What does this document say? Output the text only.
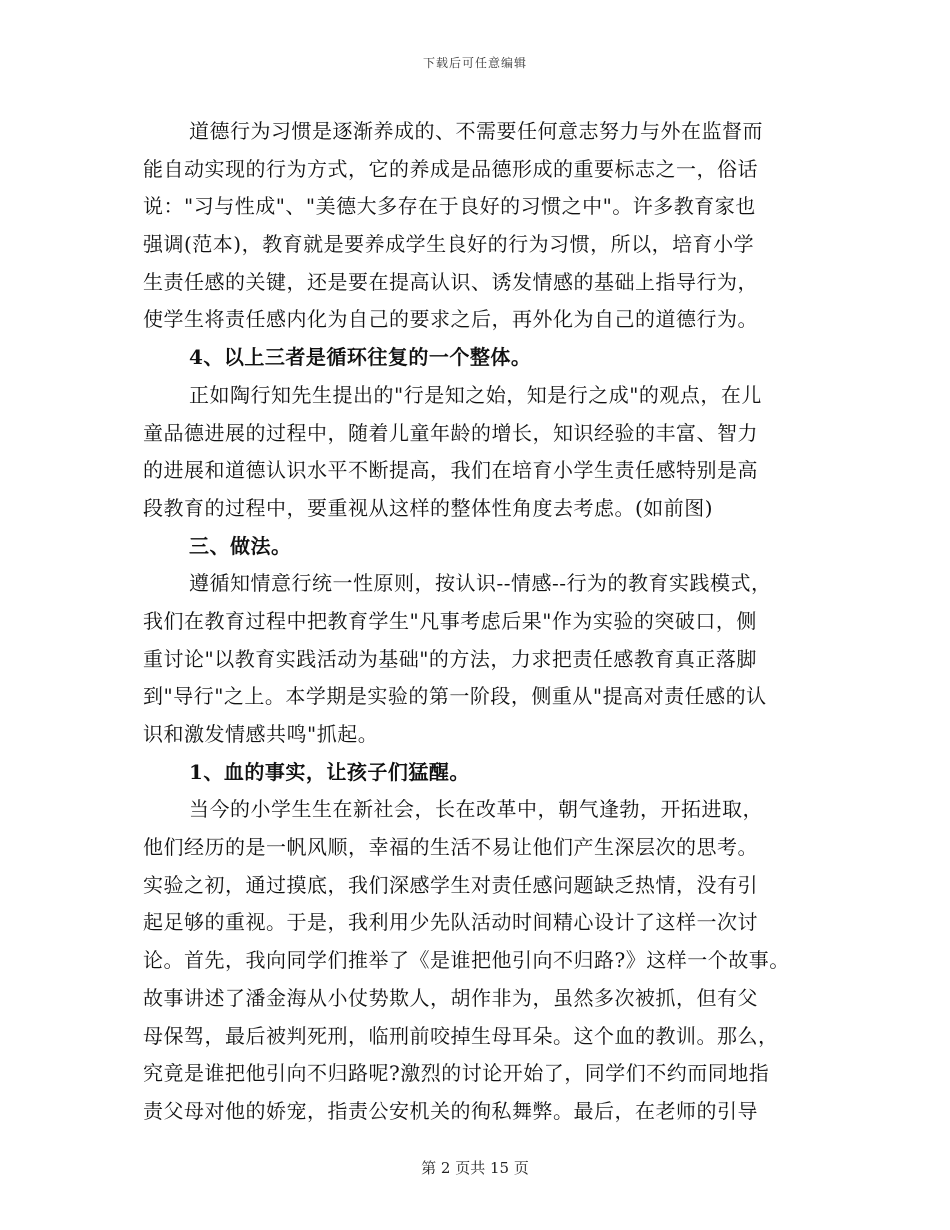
下载后可任意编辑
道德行为习惯是逐渐养成的、不需要任何意志努力与外在监督而
能自动实现的行为方式，它的养成是品德形成的重要标志之一，俗话
说："习与性成"、"美德大多存在于良好的习惯之中"。许多教育家也
强调(范本)，教育就是要养成学生良好的行为习惯，所以，培育小学
生责任感的关键，还是要在提高认识、诱发情感的基础上指导行为，
使学生将责任感内化为自己的要求之后，再外化为自己的道德行为。
4、以上三者是循环往复的一个整体。
正如陶行知先生提出的"行是知之始，知是行之成"的观点，在儿
童品德进展的过程中，随着儿童年龄的增长，知识经验的丰富、智力
的进展和道德认识水平不断提高，我们在培育小学生责任感特别是高
段教育的过程中，要重视从这样的整体性角度去考虑。(如前图)
三、做法。
遵循知情意行统一性原则，按认识--情感--行为的教育实践模式，
我们在教育过程中把教育学生"凡事考虑后果"作为实验的突破口，侧
重讨论"以教育实践活动为基础"的方法，力求把责任感教育真正落脚
到"导行"之上。本学期是实验的第一阶段，侧重从"提高对责任感的认
识和激发情感共鸣"抓起。
1、血的事实，让孩子们猛醒。
当今的小学生生在新社会，长在改革中，朝气逢勃，开拓进取，
他们经历的是一帆风顺，幸福的生活不易让他们产生深层次的思考。
实验之初，通过摸底，我们深感学生对责任感问题缺乏热情，没有引
起足够的重视。于是，我利用少先队活动时间精心设计了这样一次讨
论。首先，我向同学们推举了《是谁把他引向不归路?》这样一个故事。
故事讲述了潘金海从小仗势欺人，胡作非为，虽然多次被抓，但有父
母保驾，最后被判死刑，临刑前咬掉生母耳朵。这个血的教训。那么，
究竟是谁把他引向不归路呢?激烈的讨论开始了，同学们不约而同地指
责父母对他的娇宠，指责公安机关的徇私舞弊。最后，在老师的引导
第 2 页共 15 页
